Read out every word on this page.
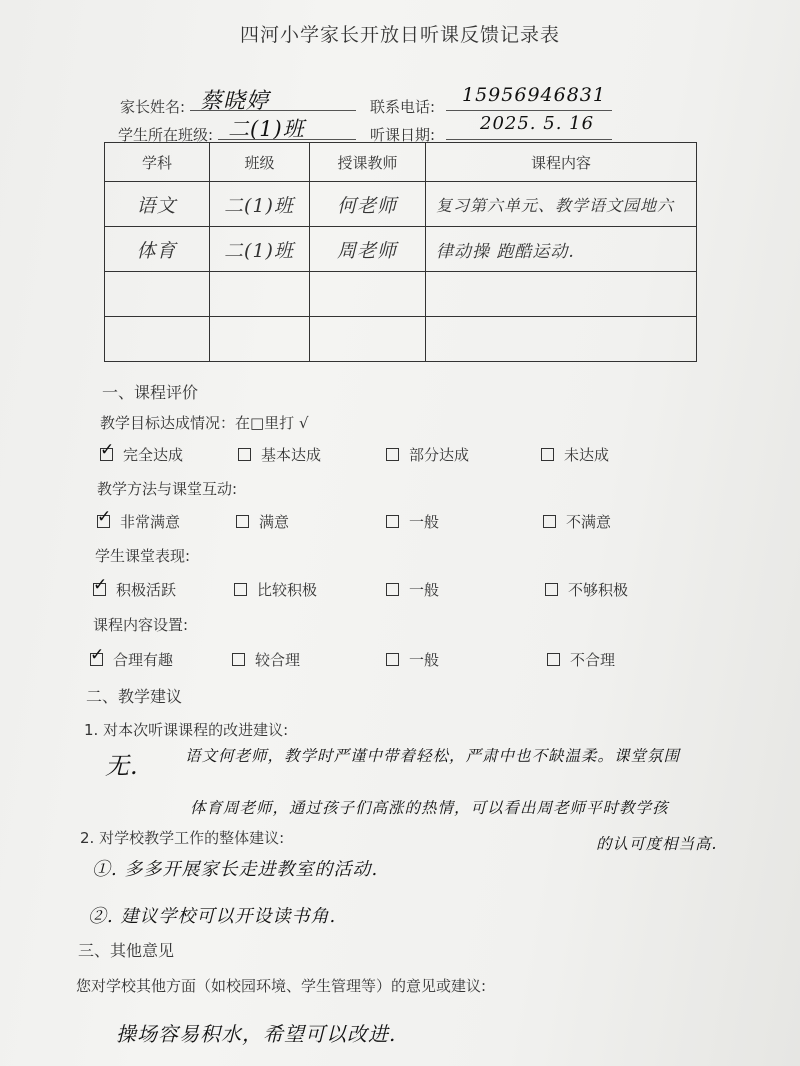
四河小学家长开放日听课反馈记录表
家长姓名: 蔡晓婷	联系电话:
15956946831
学生所在班级: 二(1)班	听课日期:
2025. 5. 16
学科	班级	授课教师	课程内容
语文	二(1)班	何老师	复习第六单元、教学语文园地六
体育	二(1)班	周老师	律动操 跑酷运动.

一、课程评价
教学目标达成情况：在□里打 √
✓完全达成	基本达成	部分达成	未达成
教学方法与课堂互动:
✓非常满意	满意	一般	不满意
学生课堂表现:
✓积极活跃	比较积极	一般	不够积极
课程内容设置:
✓合理有趣	较合理	一般	不合理
二、教学建议
1. 对本次听课课程的改进建议:
无.	语文何老师，教学时严谨中带着轻松，严肃中也不缺温柔。课堂氛围
体育周老师，通过孩子们高涨的热情，可以看出周老师平时教学孩
的认可度相当高.
2. 对学校教学工作的整体建议:
①. 多多开展家长走进教室的活动.
②. 建议学校可以开设读书角.
三、其他意见
您对学校其他方面（如校园环境、学生管理等）的意见或建议:
操场容易积水，希望可以改进.
